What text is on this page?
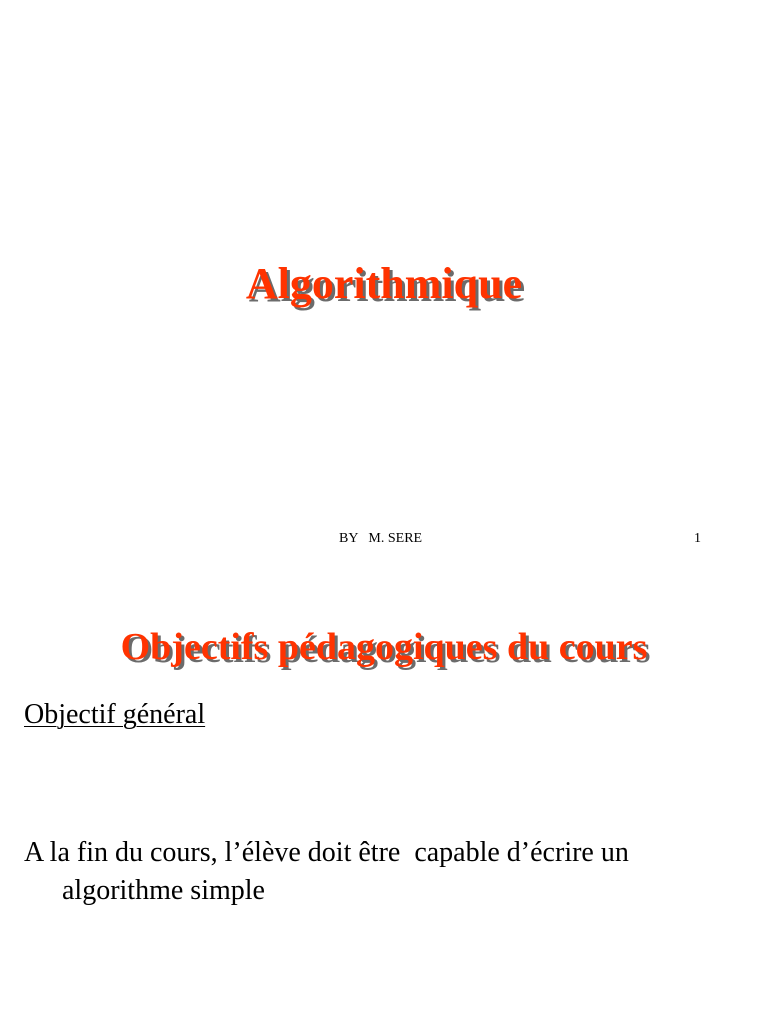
Algorithmique
BY   M. SERE	1
Objectifs pédagogiques du cours
Objectif général

A la fin du cours, l’élève doit être  capable d’écrire un algorithme simple
